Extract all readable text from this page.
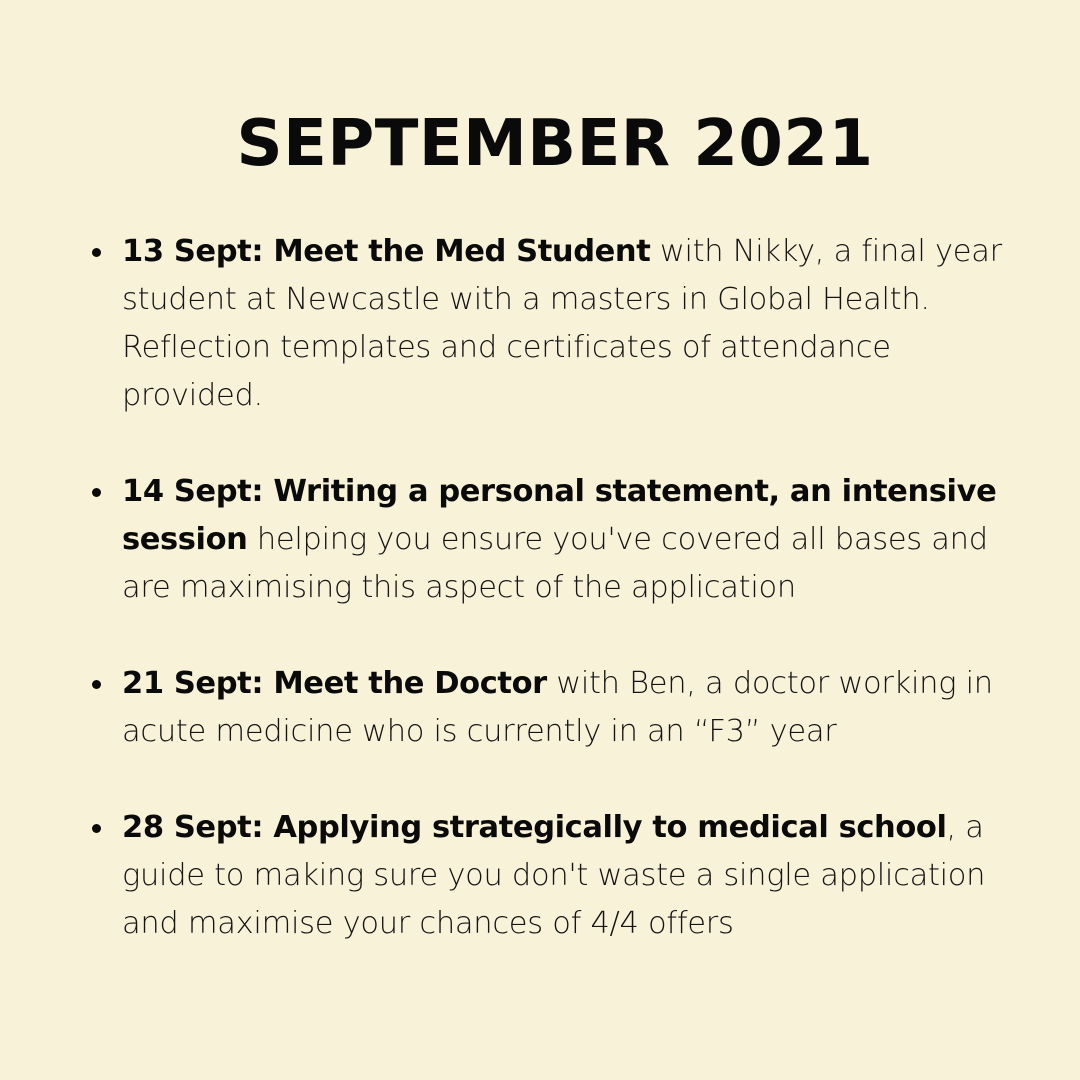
SEPTEMBER 2021
13 Sept: Meet the Med Student with Nikky, a final year student at Newcastle with a masters in Global Health. Reflection templates and certificates of attendance provided.
14 Sept: Writing a personal statement, an intensive session helping you ensure you've covered all bases and are maximising this aspect of the application
21 Sept: Meet the Doctor with Ben, a doctor working in acute medicine who is currently in an “F3” year
28 Sept: Applying strategically to medical school, a guide to making sure you don't waste a single application and maximise your chances of 4/4 offers
